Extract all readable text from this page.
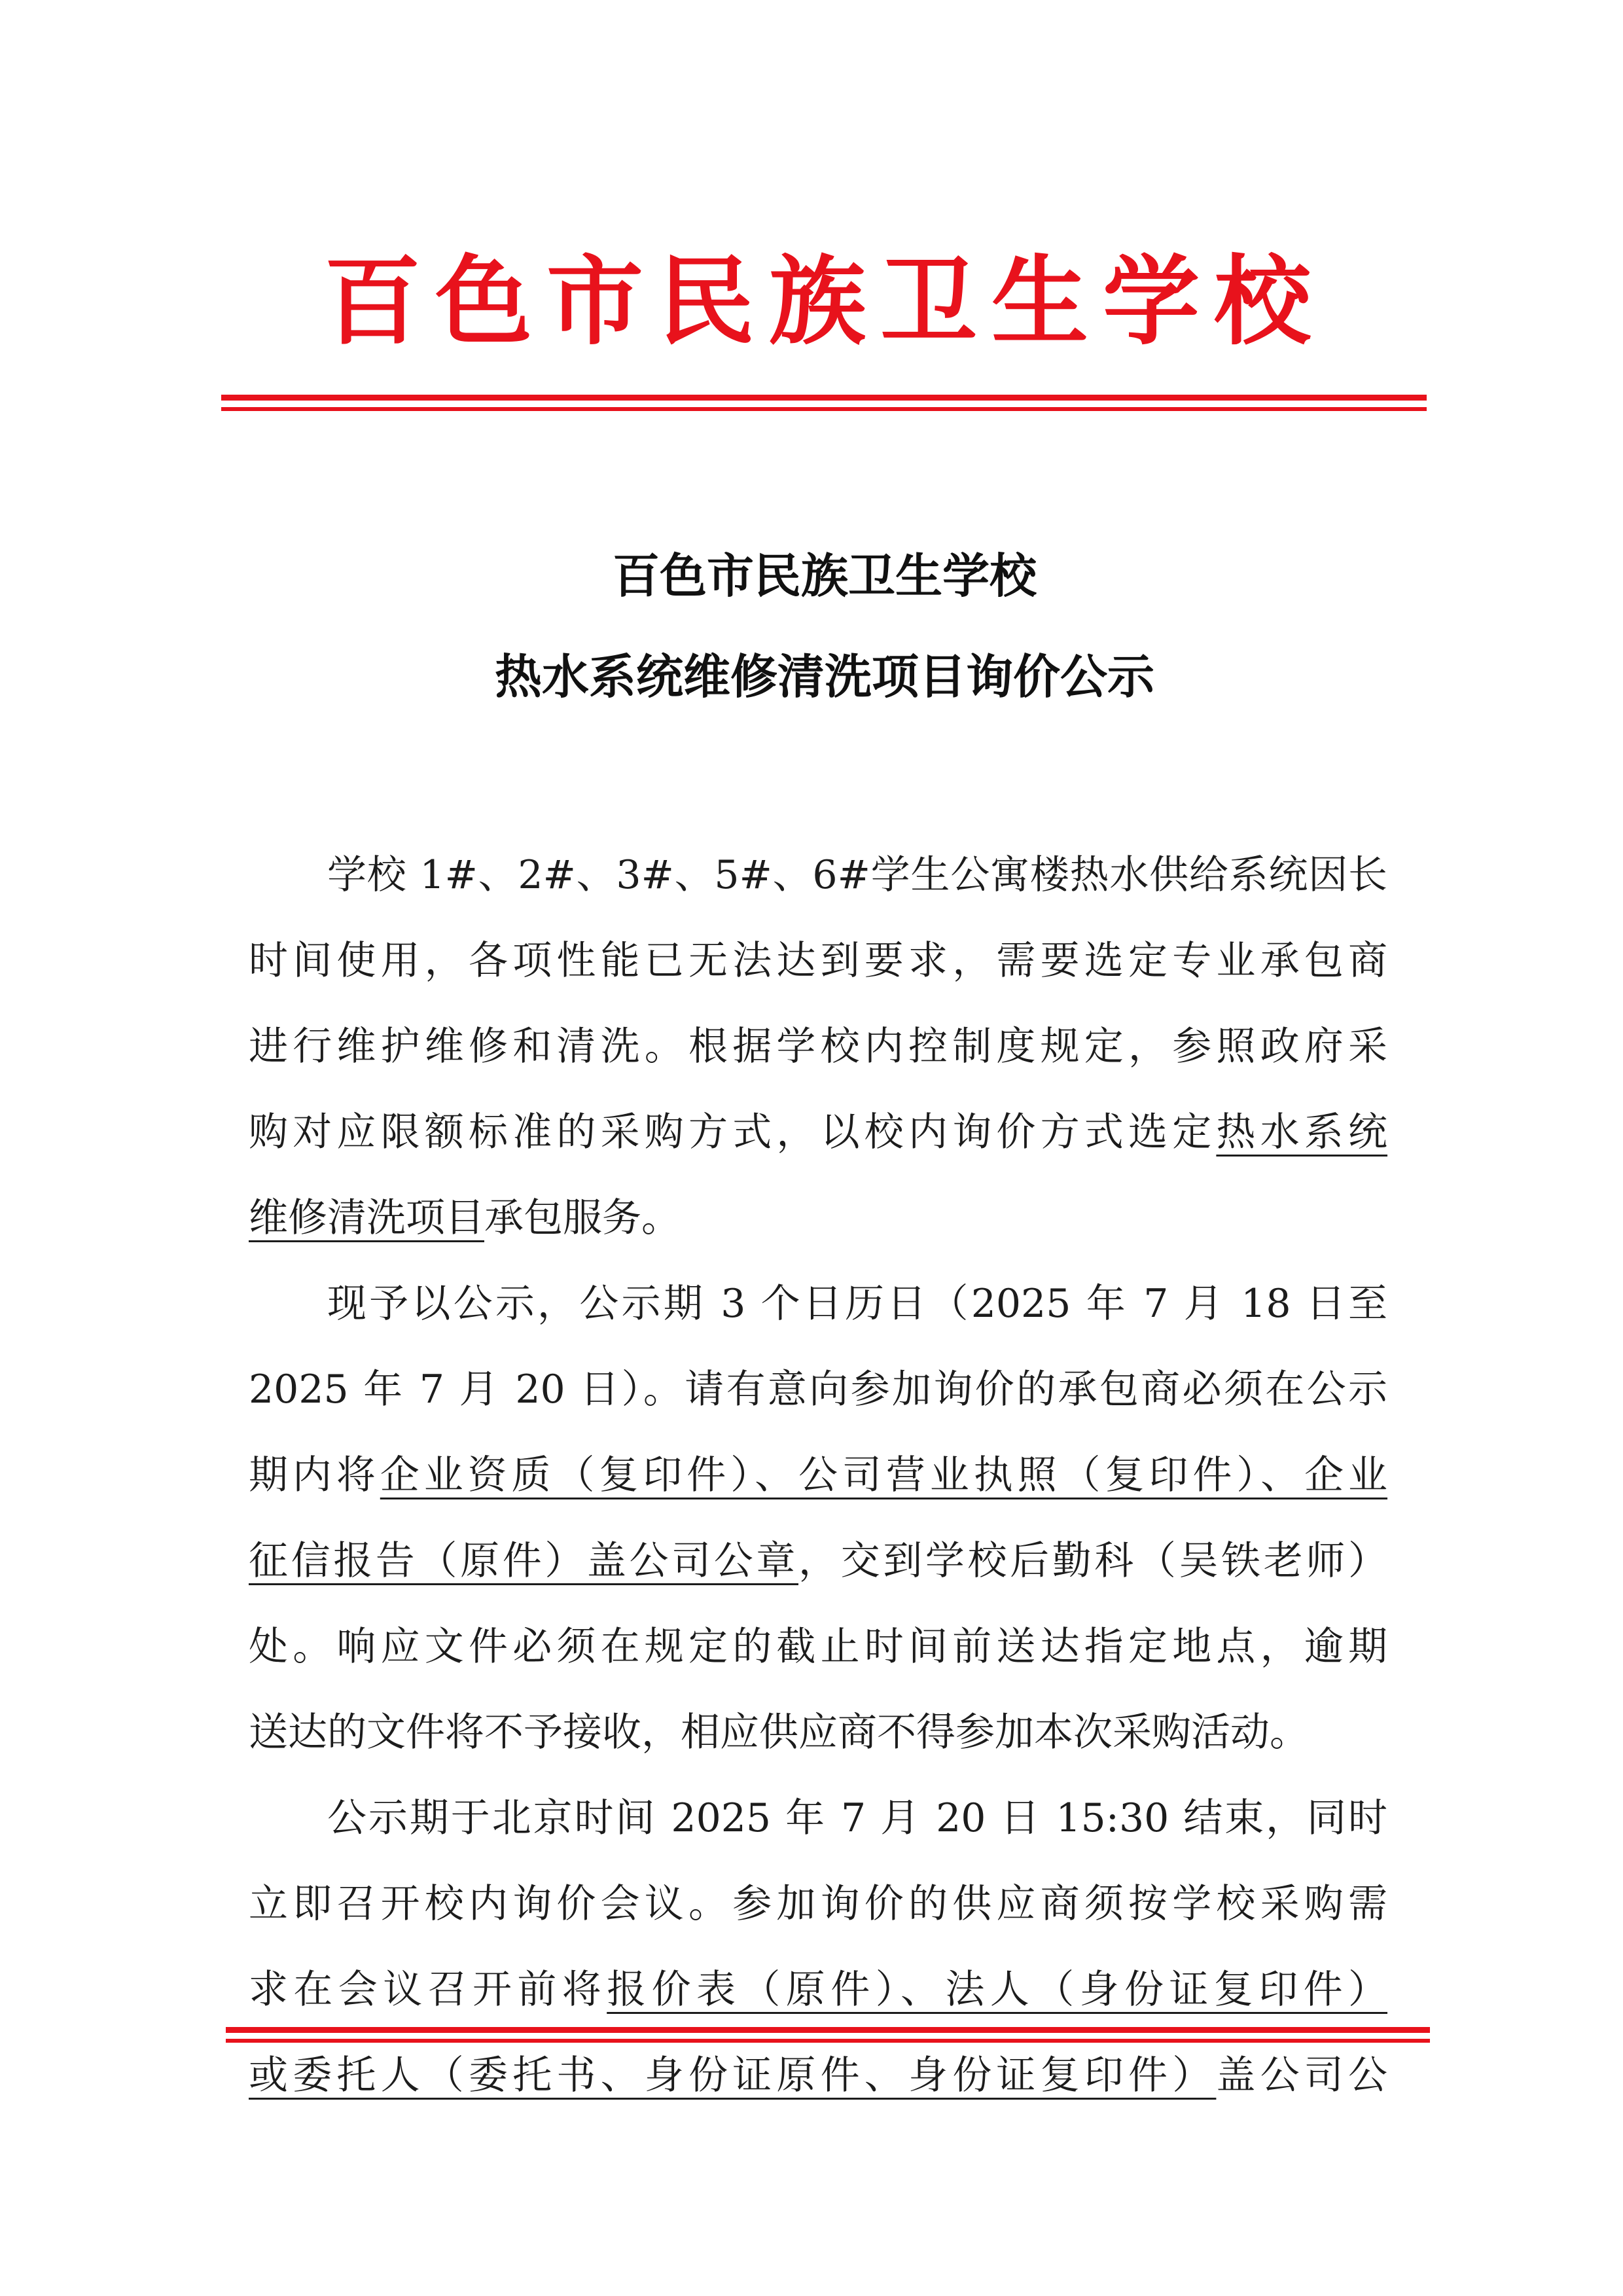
百色市民族卫生学校
百色市民族卫生学校
热水系统维修清洗项目询价公示
学校 1#、2#、3#、5#、6#学生公寓楼热水供给系统因长
时间使用，各项性能已无法达到要求，需要选定专业承包商
进行维护维修和清洗。根据学校内控制度规定，参照政府采
购对应限额标准的采购方式，以校内询价方式选定热水系统
维修清洗项目承包服务。
现予以公示，公示期 3 个日历日（2025 年 7 月 18 日至
2025 年 7 月 20 日）。请有意向参加询价的承包商必须在公示
期内将企业资质（复印件）、公司营业执照（复印件）、企业
征信报告（原件）盖公司公章，交到学校后勤科（吴铁老师）
处。响应文件必须在规定的截止时间前送达指定地点，逾期
送达的文件将不予接收，相应供应商不得参加本次采购活动。
公示期于北京时间 2025 年 7 月 20 日 15:30 结束，同时
立即召开校内询价会议。参加询价的供应商须按学校采购需
求在会议召开前将报价表（原件）、法人（身份证复印件）
或委托人（委托书、身份证原件、身份证复印件）盖公司公
